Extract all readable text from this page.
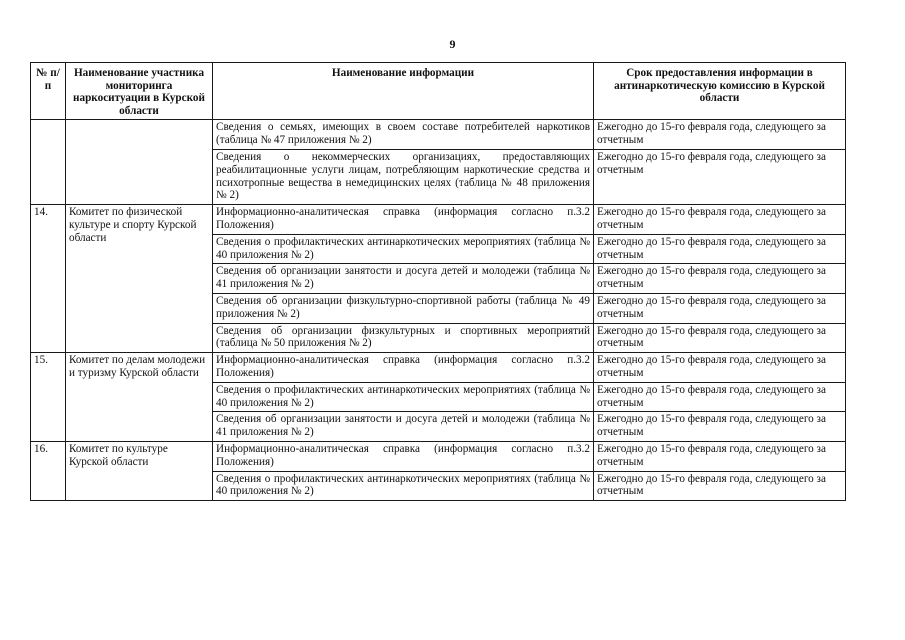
9
№ п/п	Наименование участника мониторинга наркоситуации в Курской области	Наименование информации	Срок предоставления информации в антинаркотическую комиссию в Курской области
		Сведения о семьях, имеющих в своем составе потребителей наркотиков (таблица № 47 приложения № 2)	Ежегодно до 15-го февраля года, следующего за отчетным
		Сведения о некоммерческих организациях, предоставляющих реабилитационные услуги лицам, потребляющим наркотические средства и психотропные вещества в немедицинских целях (таблица № 48 приложения № 2)	Ежегодно до 15-го февраля года, следующего за отчетным
14.	Комитет по физической культуре и спорту Курской области	Информационно-аналитическая справка (информация согласно п.3.2 Положения)	Ежегодно до 15-го февраля года, следующего за отчетным
		Сведения о профилактических антинаркотических мероприятиях (таблица № 40 приложения № 2)	Ежегодно до 15-го февраля года, следующего за отчетным
		Сведения об организации занятости и досуга детей и молодежи (таблица № 41 приложения № 2)	Ежегодно до 15-го февраля года, следующего за отчетным
		Сведения об организации физкультурно-спортивной работы (таблица № 49 приложения № 2)	Ежегодно до 15-го февраля года, следующего за отчетным
		Сведения об организации физкультурных и спортивных мероприятий (таблица № 50 приложения № 2)	Ежегодно до 15-го февраля года, следующего за отчетным
15.	Комитет по делам молодежи и туризму Курской области	Информационно-аналитическая справка (информация согласно п.3.2 Положения)	Ежегодно до 15-го февраля года, следующего за отчетным
		Сведения о профилактических антинаркотических мероприятиях (таблица № 40 приложения № 2)	Ежегодно до 15-го февраля года, следующего за отчетным
		Сведения об организации занятости и досуга детей и молодежи (таблица № 41 приложения № 2)	Ежегодно до 15-го февраля года, следующего за отчетным
16.	Комитет по культуре Курской области	Информационно-аналитическая справка (информация согласно п.3.2 Положения)	Ежегодно до 15-го февраля года, следующего за отчетным
		Сведения о профилактических антинаркотических мероприятиях (таблица № 40 приложения № 2)	Ежегодно до 15-го февраля года, следующего за отчетным
